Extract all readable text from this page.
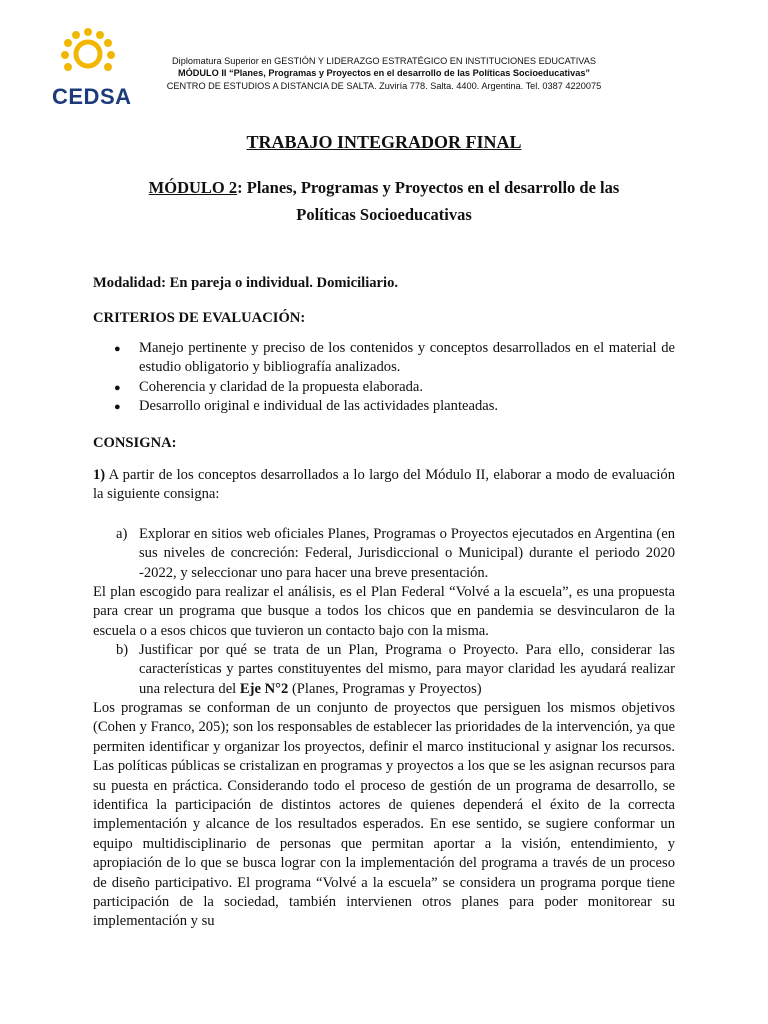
CEDSA
Diplomatura Superior en GESTIÓN Y LIDERAZGO ESTRATÉGICO EN INSTITUCIONES EDUCATIVAS
MÓDULO II “Planes, Programas y Proyectos en el desarrollo de las Políticas Socioeducativas”
CENTRO DE ESTUDIOS A DISTANCIA DE SALTA. Zuviría 778. Salta. 4400. Argentina. Tel. 0387 4220075
TRABAJO INTEGRADOR FINAL
MÓDULO 2: Planes, Programas y Proyectos en el desarrollo de las
Políticas Socioeducativas
Modalidad: En pareja o individual. Domiciliario.
CRITERIOS DE EVALUACIÓN:
● Manejo pertinente y preciso de los contenidos y conceptos desarrollados en el material de estudio obligatorio y bibliografía analizados.
● Coherencia y claridad de la propuesta elaborada.
● Desarrollo original e individual de las actividades planteadas.
CONSIGNA:
1) A partir de los conceptos desarrollados a lo largo del Módulo II, elaborar a modo de evaluación la siguiente consigna:
a) Explorar en sitios web oficiales Planes, Programas o Proyectos ejecutados en Argentina (en sus niveles de concreción: Federal, Jurisdiccional o Municipal) durante el periodo 2020 -2022, y seleccionar uno para hacer una breve presentación.
El plan escogido para realizar el análisis, es el Plan Federal “Volvé a la escuela”, es una propuesta para crear un programa que busque a todos los chicos que en pandemia se desvincularon de la escuela o a esos chicos que tuvieron un contacto bajo con la misma.
b) Justificar por qué se trata de un Plan, Programa o Proyecto. Para ello, considerar las características y partes constituyentes del mismo, para mayor claridad les ayudará realizar una relectura del Eje N°2 (Planes, Programas y Proyectos)
Los programas se conforman de un conjunto de proyectos que persiguen los mismos objetivos (Cohen y Franco, 205); son los responsables de establecer las prioridades de la intervención, ya que permiten identificar y organizar los proyectos, definir el marco institucional y asignar los recursos. Las políticas públicas se cristalizan en programas y proyectos a los que se les asignan recursos para su puesta en práctica. Considerando todo el proceso de gestión de un programa de desarrollo, se identifica la participación de distintos actores de quienes dependerá el éxito de la correcta implementación y alcance de los resultados esperados. En ese sentido, se sugiere conformar un equipo multidisciplinario de personas que permitan aportar a la visión, entendimiento, y apropiación de lo que se busca lograr con la implementación del programa a través de un proceso de diseño participativo. El programa “Volvé a la escuela” se considera un programa porque tiene participación de la sociedad, también intervienen otros planes para poder monitorear su implementación y su
